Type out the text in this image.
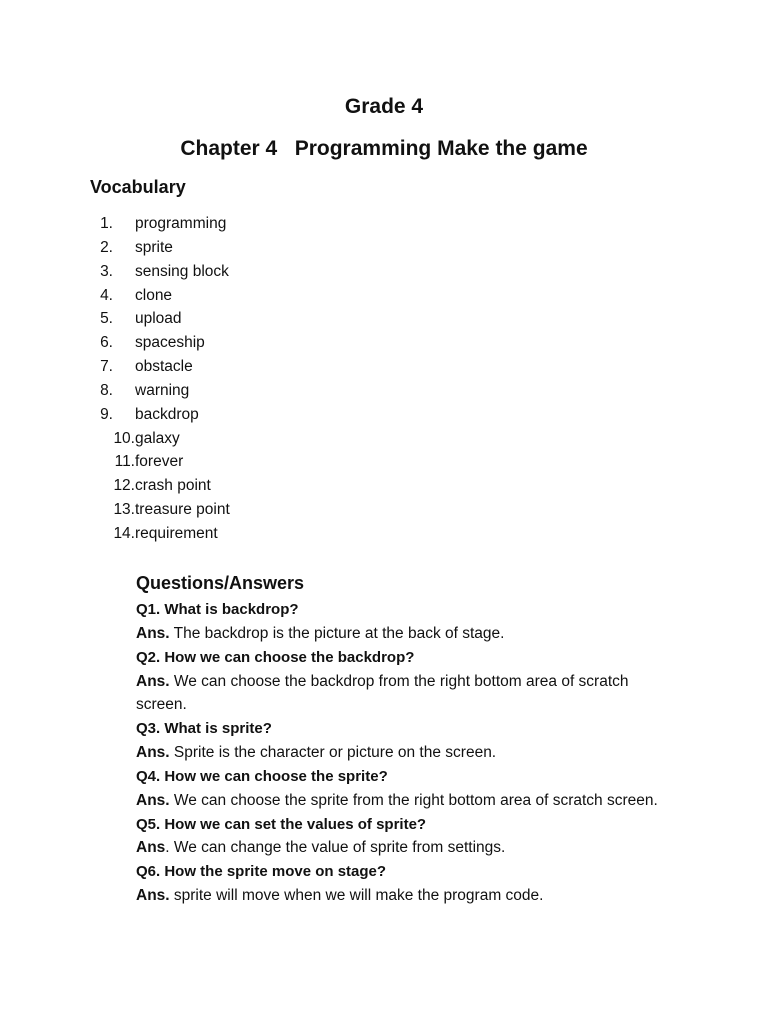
Grade 4
Chapter 4   Programming Make the game
Vocabulary
1. programming
2. sprite
3. sensing block
4. clone
5. upload
6. spaceship
7. obstacle
8. warning
9. backdrop
10.galaxy
11.forever
12.crash point
13.treasure point
14.requirement
Questions/Answers
Q1. What is backdrop?
Ans. The backdrop is the picture at the back of stage.
Q2. How we can choose the backdrop?
Ans. We can choose the backdrop from the right bottom area of scratch screen.
Q3. What is sprite?
Ans. Sprite is the character or picture on the screen.
Q4. How we can choose the sprite?
Ans. We can choose the sprite from the right bottom area of scratch screen.
Q5. How we can set the values of sprite?
Ans. We can change the value of sprite from settings.
Q6. How the sprite move on stage?
Ans. sprite will move when we will make the program code.
